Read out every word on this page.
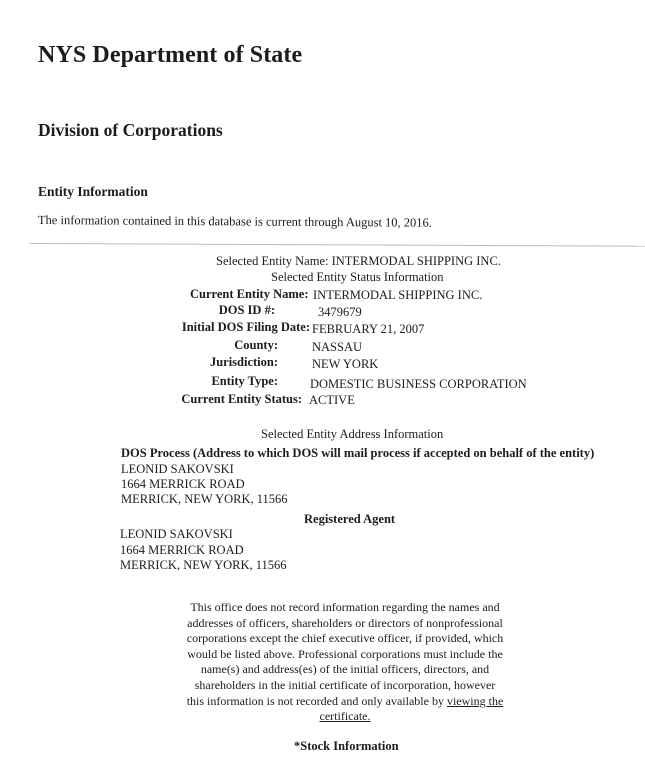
NYS Department of State
Division of Corporations
Entity Information
The information contained in this database is current through August 10, 2016.
Selected Entity Name: INTERMODAL SHIPPING INC.
Selected Entity Status Information
Current Entity Name: INTERMODAL SHIPPING INC.
DOS ID #:	3479679
Initial DOS Filing Date: FEBRUARY 21, 2007
County:	NASSAU
Jurisdiction:	NEW YORK
Entity Type:	DOMESTIC BUSINESS CORPORATION
Current Entity Status: ACTIVE
Selected Entity Address Information
DOS Process (Address to which DOS will mail process if accepted on behalf of the entity)
LEONID SAKOVSKI
1664 MERRICK ROAD
MERRICK, NEW YORK, 11566
Registered Agent
LEONID SAKOVSKI
1664 MERRICK ROAD
MERRICK, NEW YORK, 11566
This office does not record information regarding the names and
addresses of officers, shareholders or directors of nonprofessional
corporations except the chief executive officer, if provided, which
would be listed above. Professional corporations must include the
name(s) and address(es) of the initial officers, directors, and
shareholders in the initial certificate of incorporation, however
this information is not recorded and only available by viewing the
certificate.
*Stock Information
